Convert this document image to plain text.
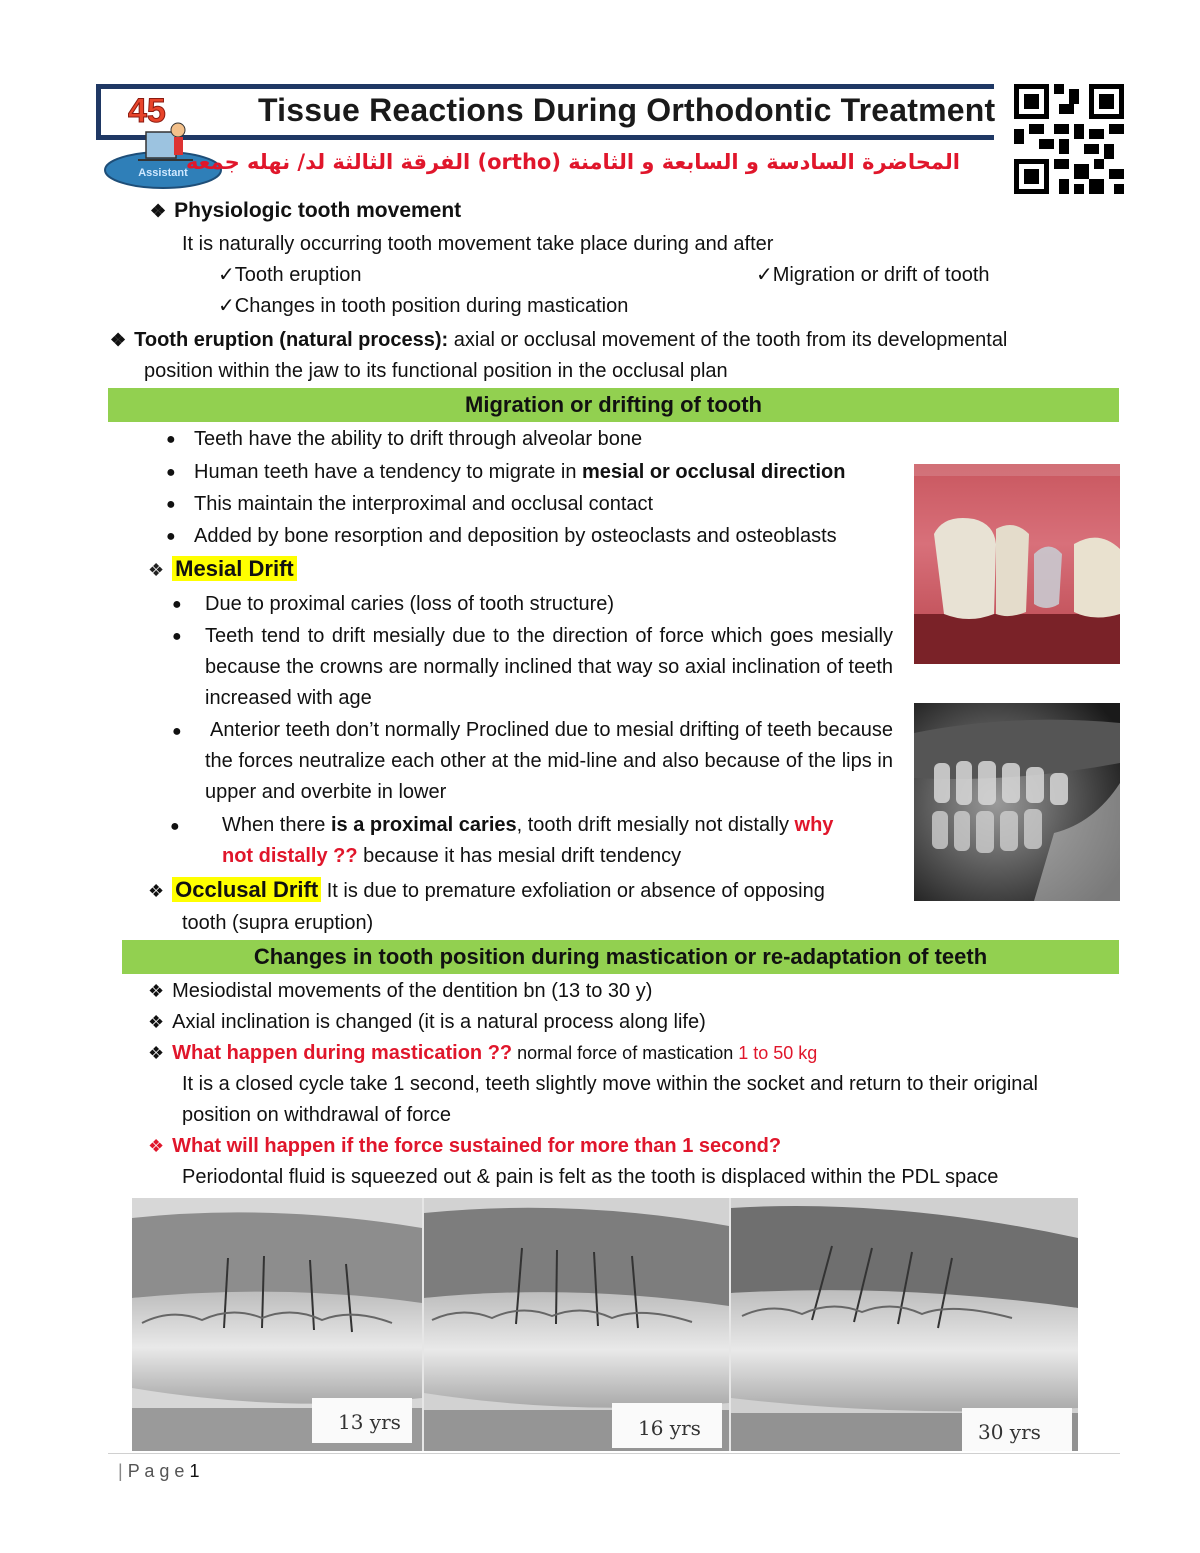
45
Assistant
Tissue Reactions During Orthodontic Treatment
المحاضرة السادسة و السابعة و الثامنة (ortho) الفرقة الثالثة لد/ نهله جمعه
❖ Physiologic tooth movement
It is naturally occurring tooth movement take place during and after
✓Tooth eruption	✓Migration or drift of tooth
✓Changes in tooth position during mastication
❖ Tooth eruption (natural process): axial or occlusal movement of the tooth from its developmental
position within the jaw to its functional position in the occlusal plan
Migration or drifting of tooth
● Teeth have the ability to drift through alveolar bone
● Human teeth have a tendency to migrate in mesial or occlusal direction
● This maintain the interproximal and occlusal contact
● Added by bone resorption and deposition by osteoclasts and osteoblasts
❖ Mesial Drift
● Due to proximal caries (loss of tooth structure)
● Teeth tend to drift mesially due to the direction of force which goes mesially because the crowns are normally inclined that way so axial inclination of teeth increased with age
● Anterior teeth don’t normally Proclined due to mesial drifting of teeth because the forces neutralize each other at the mid-line and also because of the lips in upper and overbite in lower
● When there is a proximal caries, tooth drift mesially not distally why
not distally ?? because it has mesial drift tendency
❖ Occlusal Drift It is due to premature exfoliation or absence of opposing
tooth (supra eruption)
Changes in tooth position during mastication or re-adaptation of teeth
❖ Mesiodistal movements of the dentition bn (13 to 30 y)
❖ Axial inclination is changed (it is a natural process along life)
❖ What happen during mastication ?? normal force of mastication 1 to 50 kg
It is a closed cycle take 1 second, teeth slightly move within the socket and return to their original
position on withdrawal of force
❖ What will happen if the force sustained for more than 1 second?
Periodontal fluid is squeezed out & pain is felt as the tooth is displaced within the PDL space
13 yrs	16 yrs	30 yrs
| P a g e 1
